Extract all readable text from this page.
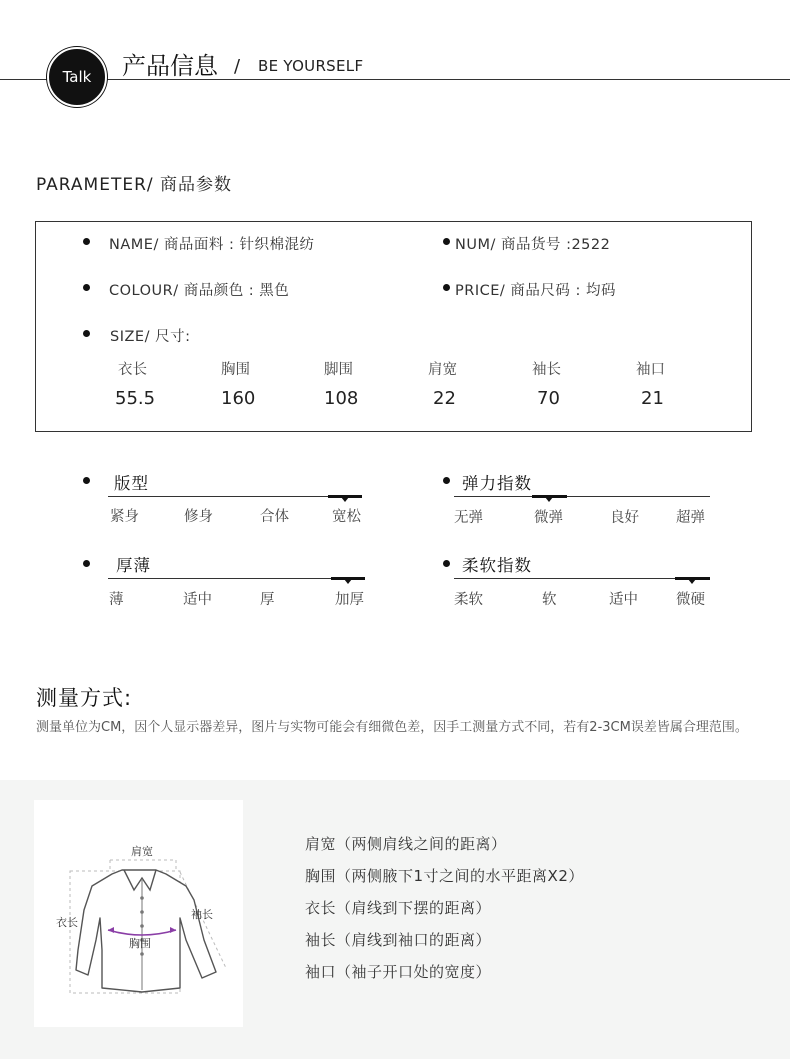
Talk 产品信息 / BE YOURSELF
PARAMETER/ 商品参数
NAME/ 商品面料 : 针织棉混纺	NUM/ 商品货号 :2522
COLOUR/ 商品颜色 : 黑色	PRICE/ 商品尺码 : 均码
SIZE/ 尺寸:
衣长	胸围	脚围	肩宽	袖长	袖口
55.5	160	108	22	70	21
版型
紧身	修身	合体	宽松
弹力指数
无弹	微弹	良好	超弹
厚薄
薄	适中	厚	加厚
柔软指数
柔软	软	适中	微硬
测量方式:
测量单位为CM，因个人显示器差异，图片与实物可能会有细微色差，因手工测量方式不同，若有2-3CM误差皆属合理范围。
肩宽
衣长
袖长
胸围
肩宽（两侧肩线之间的距离）
胸围（两侧腋下1寸之间的水平距离X2）
衣长（肩线到下摆的距离）
袖长（肩线到袖口的距离）
袖口（袖子开口处的宽度）
